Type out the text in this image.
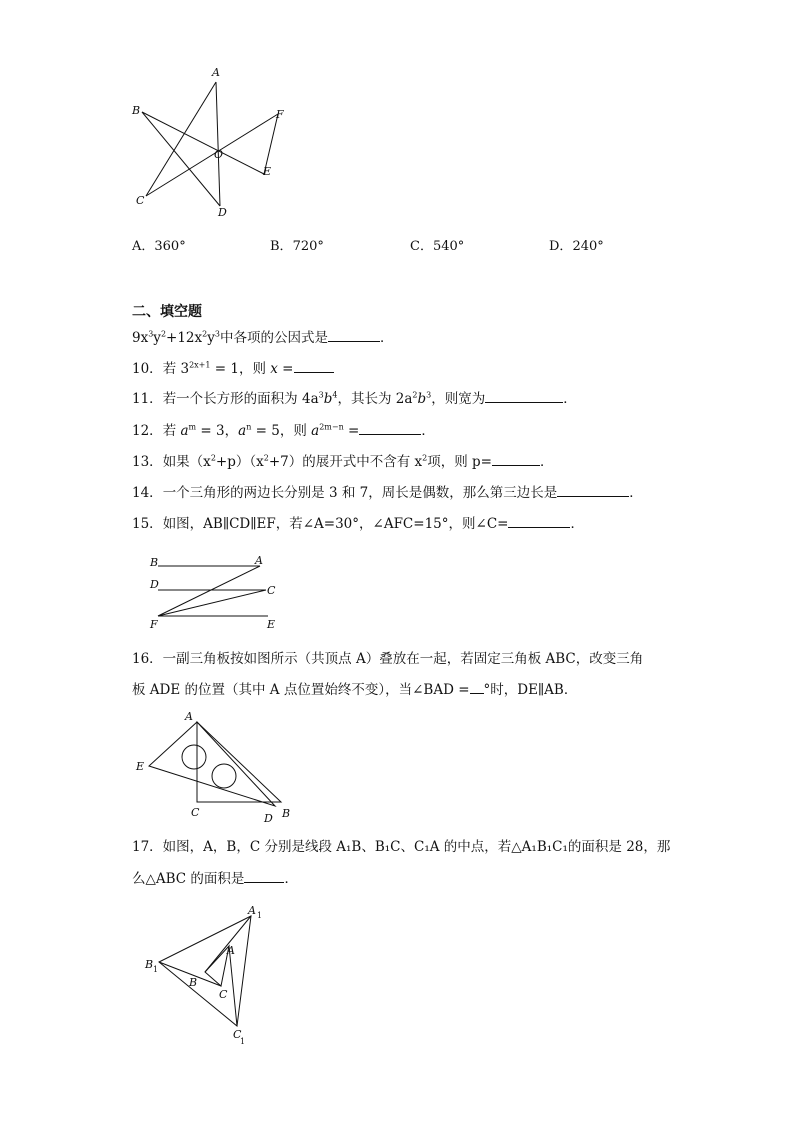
A
B
C
D
E
F
O
A．360°	B．720°	C．540°	D．240°
二、填空题
$9x^3y^2+12x^2y^3$中各项的公因式是	．
10．若 $3^{2x+1} = 1$，则 x =
11．若一个长方形的面积为 $4a^3b^4$，其长为 $2a^2b^3$，则宽为	．
12．若 $a^m = 3$，$a^n = 5$，则 $a^{2m-n}$ =	．
13．如果$(x^2+p)(x^2+7)$的展开式中不含有 $x^2$项，则 p=	．
14．一个三角形的两边长分别是 3 和 7，周长是偶数，那么第三边长是	．
15．如图，AB∥CD∥EF，若∠A=30°，∠AFC=15°，则∠C=	．
B	A
D	C
F	E
16．一副三角板按如图所示（共顶点 A）叠放在一起，若固定三角板 ABC，改变三角
板 ADE 的位置（其中 A 点位置始终不变），当∠BAD = °时，DE∥AB．
A
E
C	D B
17．如图，A，B，C 分别是线段 A₁B、B₁C、C₁A 的中点，若△A₁B₁C₁的面积是 28，那
么△ABC 的面积是	．
A 1
B 1
C
1
A
B
C
